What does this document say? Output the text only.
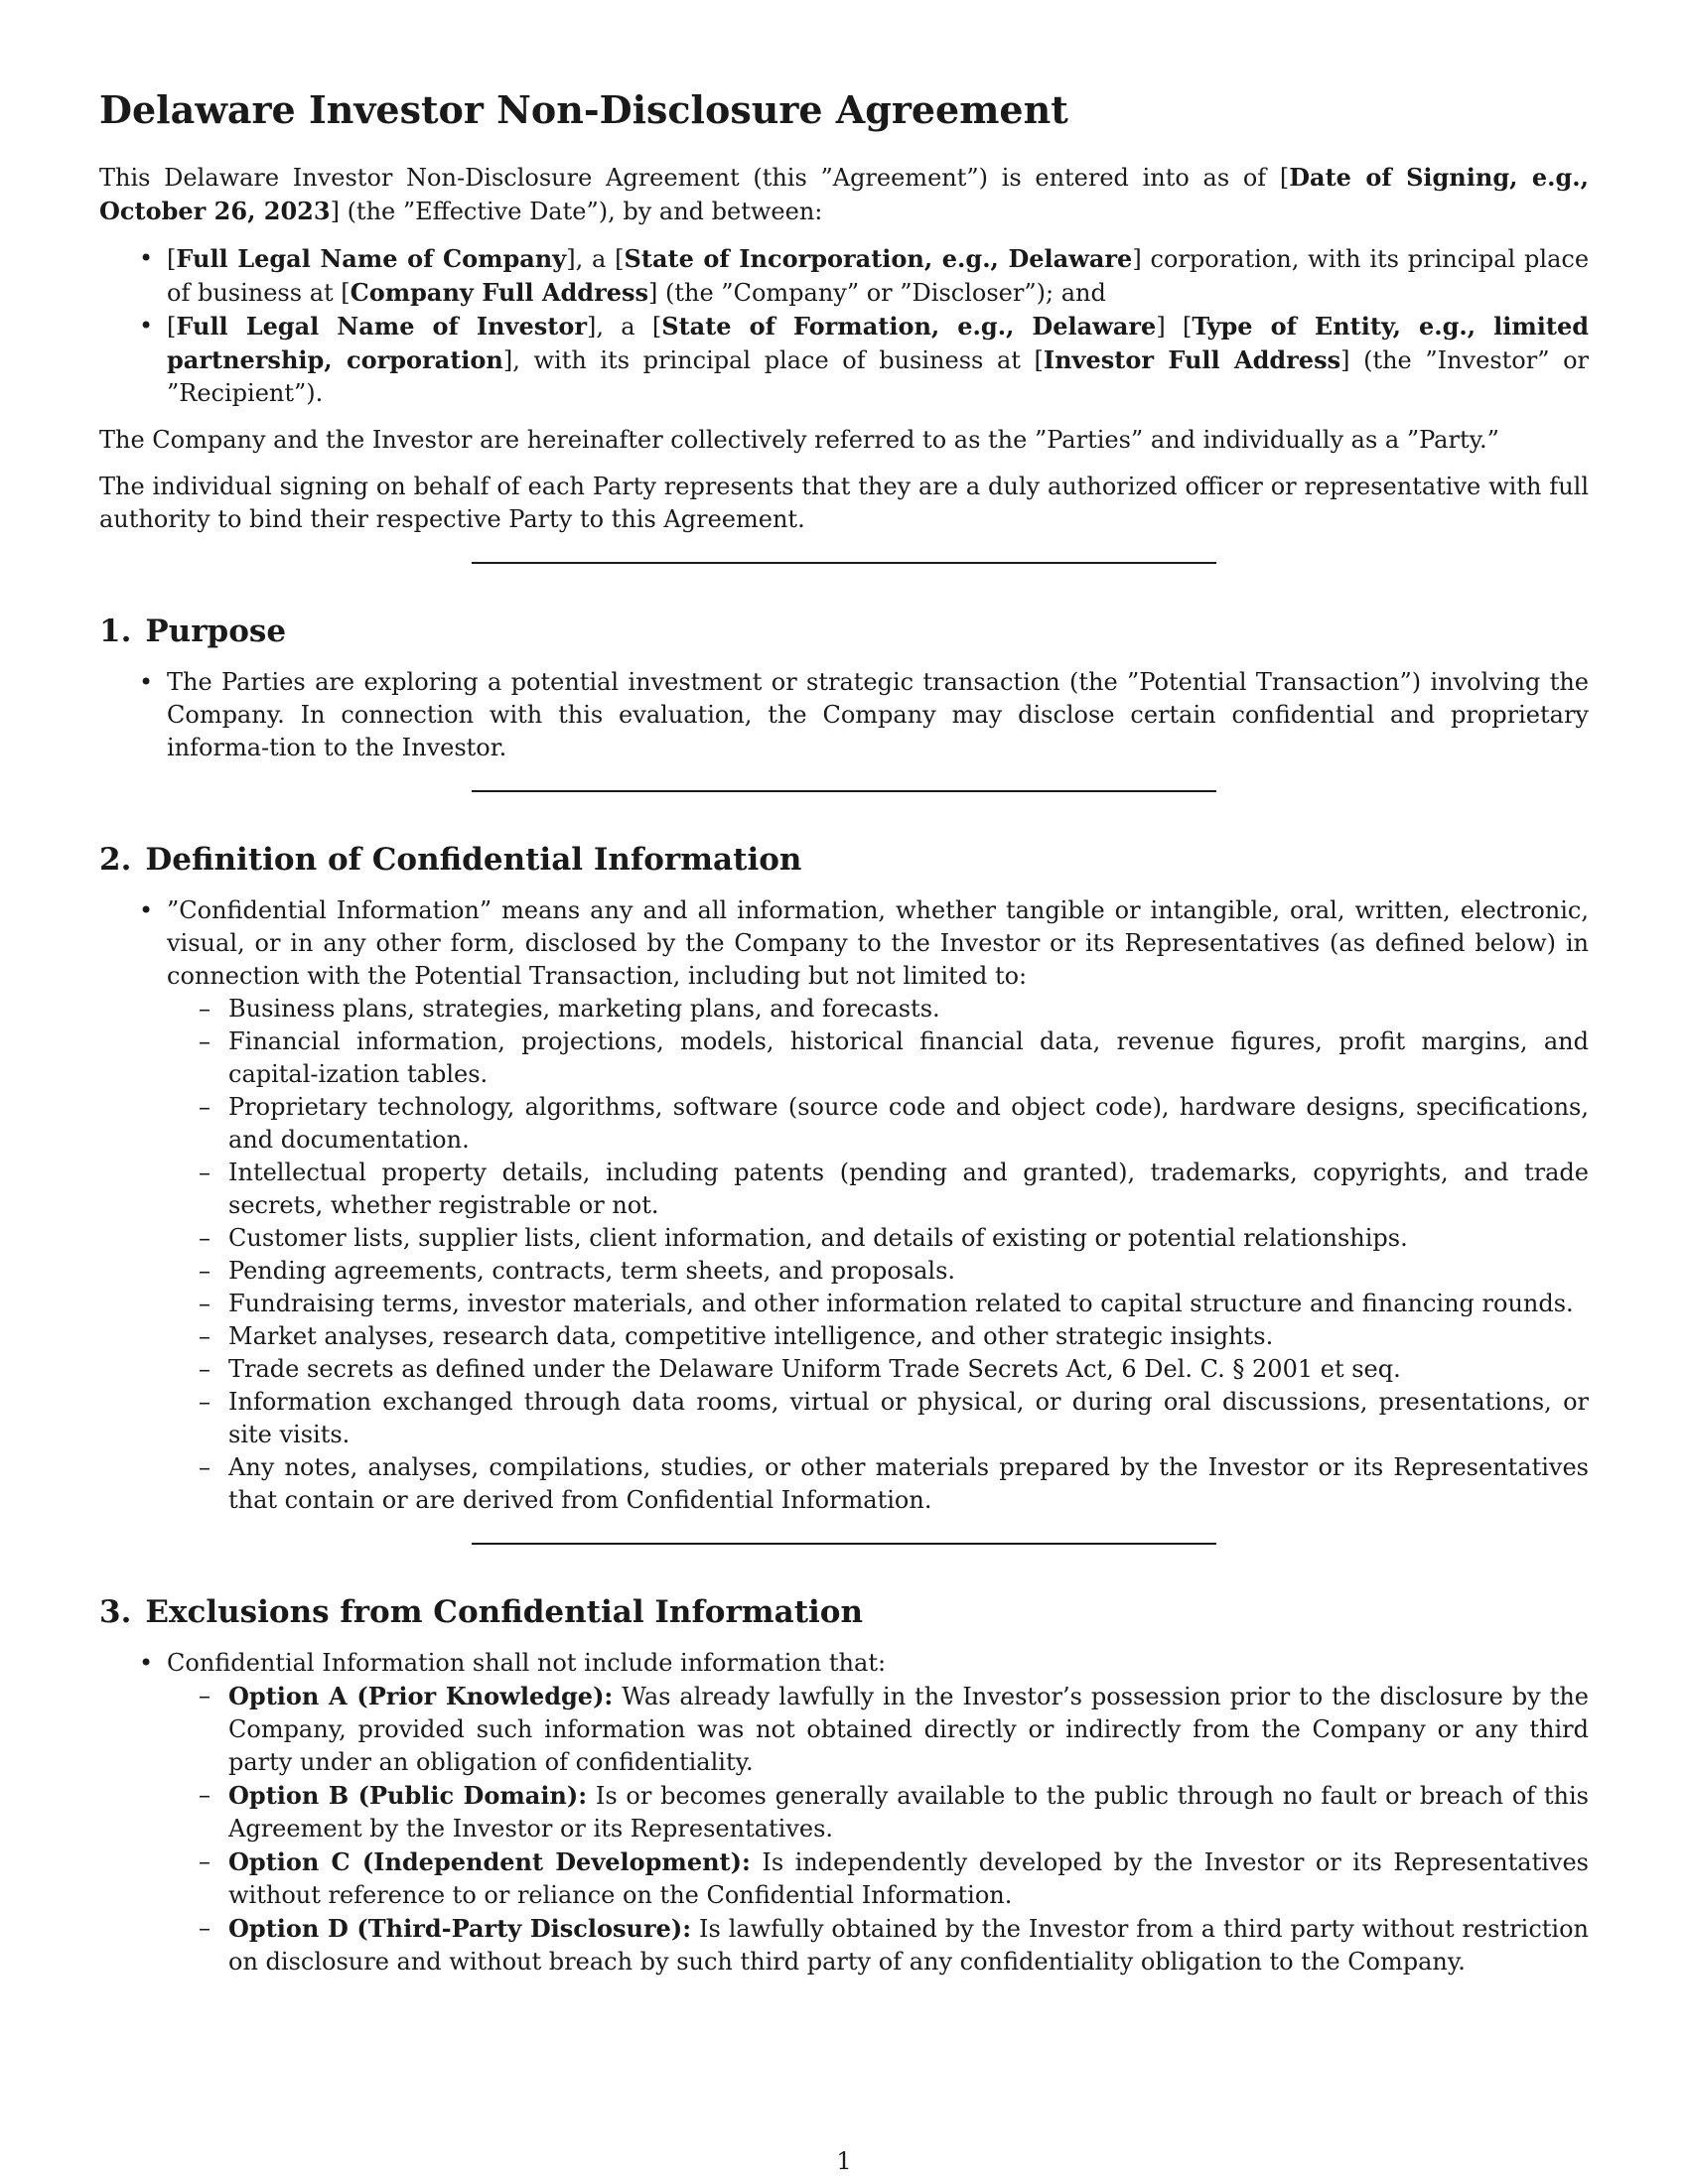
Delaware Investor Non-Disclosure Agreement

This Delaware Investor Non-Disclosure Agreement (this ”Agreement”) is entered into as of [Date of Signing, e.g., October 26, 2023] (the ”Effective Date”), by and between:

• [Full Legal Name of Company], a [State of Incorporation, e.g., Delaware] corporation, with its principal place of business at [Company Full Address] (the ”Company” or ”Discloser”); and
• [Full Legal Name of Investor], a [State of Formation, e.g., Delaware] [Type of Entity, e.g., limited partnership, corporation], with its principal place of business at [Investor Full Address] (the ”Investor” or ”Recipient”).

The Company and the Investor are hereinafter collectively referred to as the ”Parties” and individually as a ”Party.”

The individual signing on behalf of each Party represents that they are a duly authorized officer or representative with full authority to bind their respective Party to this Agreement.

1. Purpose
• The Parties are exploring a potential investment or strategic transaction (the ”Potential Transaction”) involving the Company. In connection with this evaluation, the Company may disclose certain confidential and proprietary informa-tion to the Investor.
2. Definition of Confidential Information
• ”Confidential Information” means any and all information, whether tangible or intangible, oral, written, electronic, visual, or in any other form, disclosed by the Company to the Investor or its Representatives (as defined below) in connection with the Potential Transaction, including but not limited to:
– Business plans, strategies, marketing plans, and forecasts.
– Financial information, projections, models, historical financial data, revenue figures, profit margins, and capital-ization tables.
– Proprietary technology, algorithms, software (source code and object code), hardware designs, specifications, and documentation.
– Intellectual property details, including patents (pending and granted), trademarks, copyrights, and trade secrets, whether registrable or not.
– Customer lists, supplier lists, client information, and details of existing or potential relationships.
– Pending agreements, contracts, term sheets, and proposals.
– Fundraising terms, investor materials, and other information related to capital structure and financing rounds.
– Market analyses, research data, competitive intelligence, and other strategic insights.
– Trade secrets as defined under the Delaware Uniform Trade Secrets Act, 6 Del. C. § 2001 et seq.
– Information exchanged through data rooms, virtual or physical, or during oral discussions, presentations, or site visits.
– Any notes, analyses, compilations, studies, or other materials prepared by the Investor or its Representatives that contain or are derived from Confidential Information.
3. Exclusions from Confidential Information
• Confidential Information shall not include information that:
– Option A (Prior Knowledge): Was already lawfully in the Investor’s possession prior to the disclosure by the Company, provided such information was not obtained directly or indirectly from the Company or any third party under an obligation of confidentiality.
– Option B (Public Domain): Is or becomes generally available to the public through no fault or breach of this Agreement by the Investor or its Representatives.
– Option C (Independent Development): Is independently developed by the Investor or its Representatives without reference to or reliance on the Confidential Information.
– Option D (Third-Party Disclosure): Is lawfully obtained by the Investor from a third party without restriction on disclosure and without breach by such third party of any confidentiality obligation to the Company.
1
